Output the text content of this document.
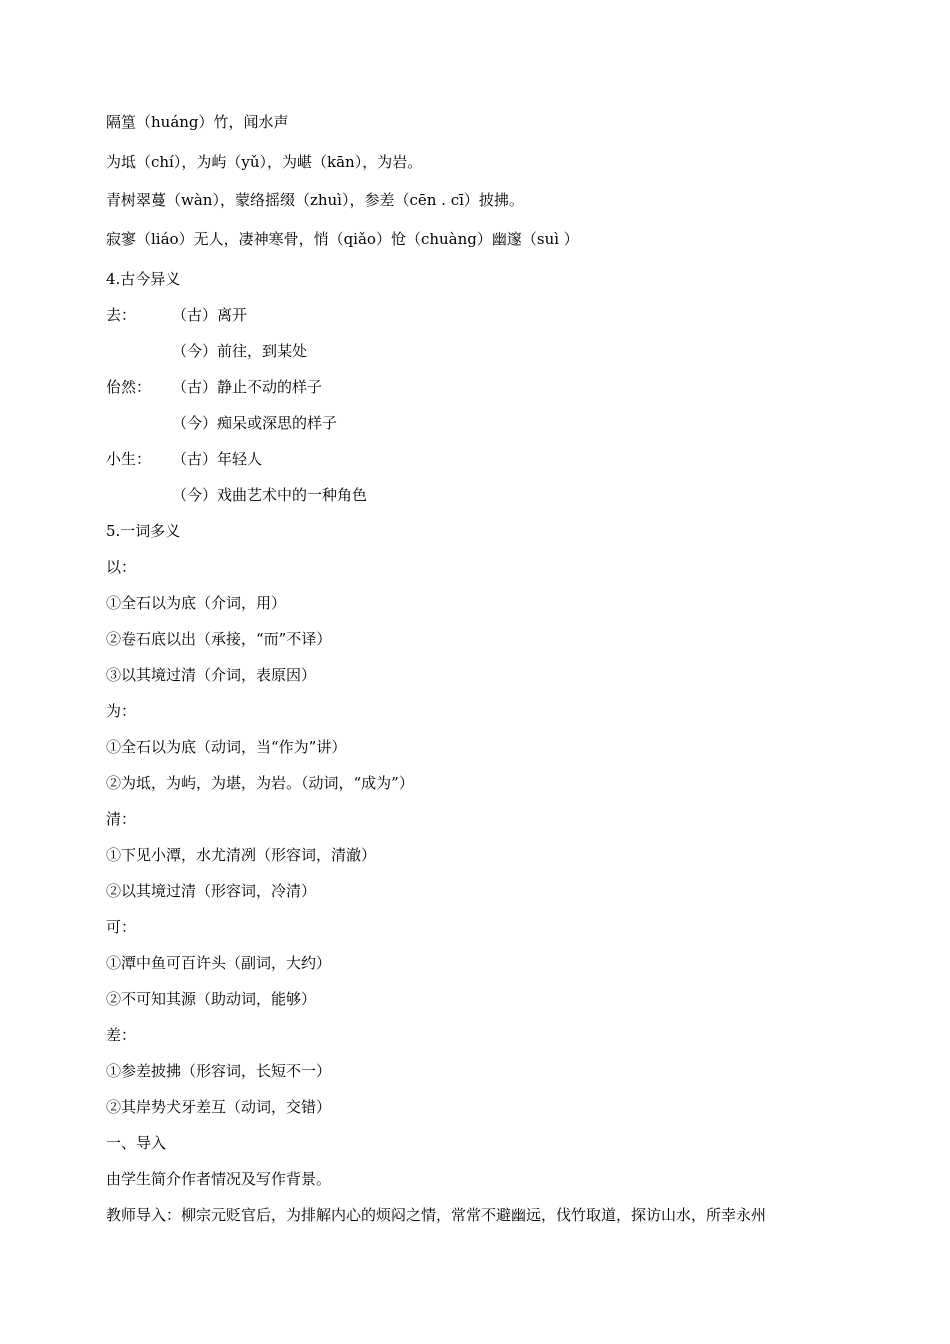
隔篁（huáng）竹，闻水声
为坻（chí），为屿（yǔ），为嵁（kān），为岩。
青树翠蔓（wàn），蒙络摇缀（zhuì），参差（cēn . cī）披拂。
寂寥（liáo）无人，凄神寒骨，悄（qiǎo）怆（chuàng）幽邃（suì ）
4.古今异义
去： （古）离开
（今）前往，到某处
佁然： （古）静止不动的样子
（今）痴呆或深思的样子
小生： （古）年轻人
（今）戏曲艺术中的一种角色
5.一词多义
以：
①全石以为底（介词，用）
②卷石底以出（承接，“而”不译）
③以其境过清（介词，表原因）
为：
①全石以为底（动词，当“作为”讲）
②为坻，为屿，为堪，为岩。（动词，“成为”）
清：
①下见小潭，水尤清冽（形容词，清澈）
②以其境过清（形容词，冷清）
可：
①潭中鱼可百许头（副词，大约）
②不可知其源（助动词，能够）
差：
①参差披拂（形容词，长短不一）
②其岸势犬牙差互（动词，交错）
一、导入
由学生简介作者情况及写作背景。
教师导入：柳宗元贬官后，为排解内心的烦闷之情，常常不避幽远，伐竹取道，探访山水，所幸永州
